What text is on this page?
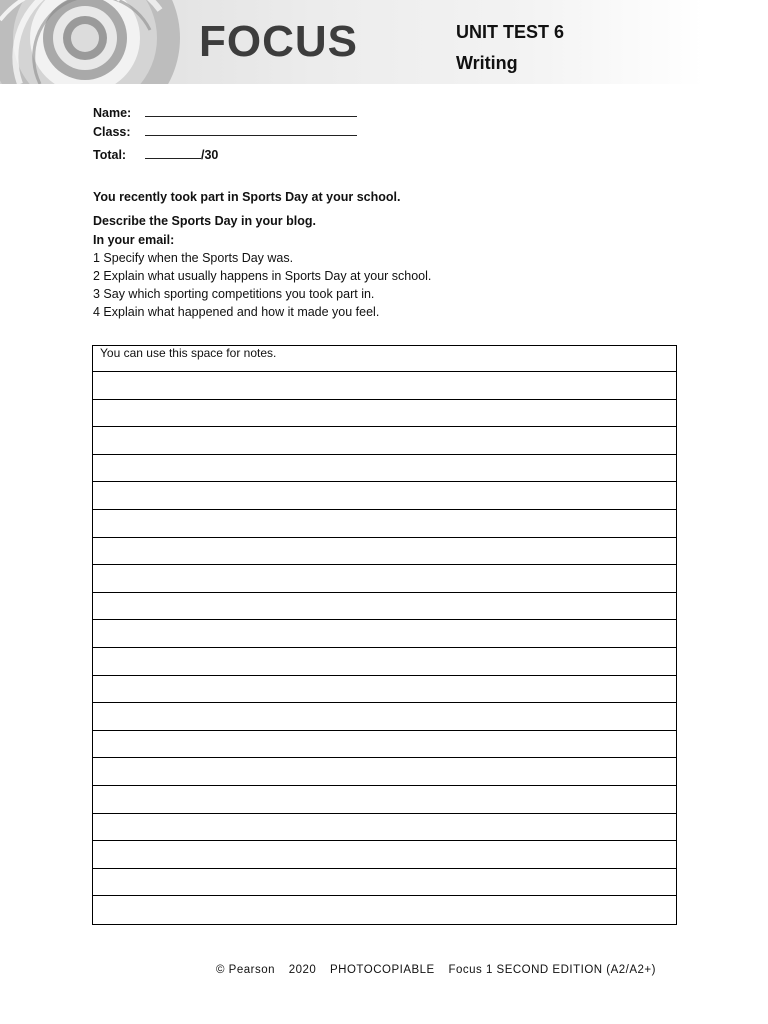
FOCUS	UNIT TEST 6
Writing
Name:
Class:
Total:	/30
You recently took part in Sports Day at your school.
Describe the Sports Day in your blog.
In your email:
1 Specify when the Sports Day was.
2 Explain what usually happens in Sports Day at your school.
3 Say which sporting competitions you took part in.
4 Explain what happened and how it made you feel.
You can use this space for notes.
© Pearson 2020 PHOTOCOPIABLE Focus 1 SECOND EDITION (A2/A2+)
